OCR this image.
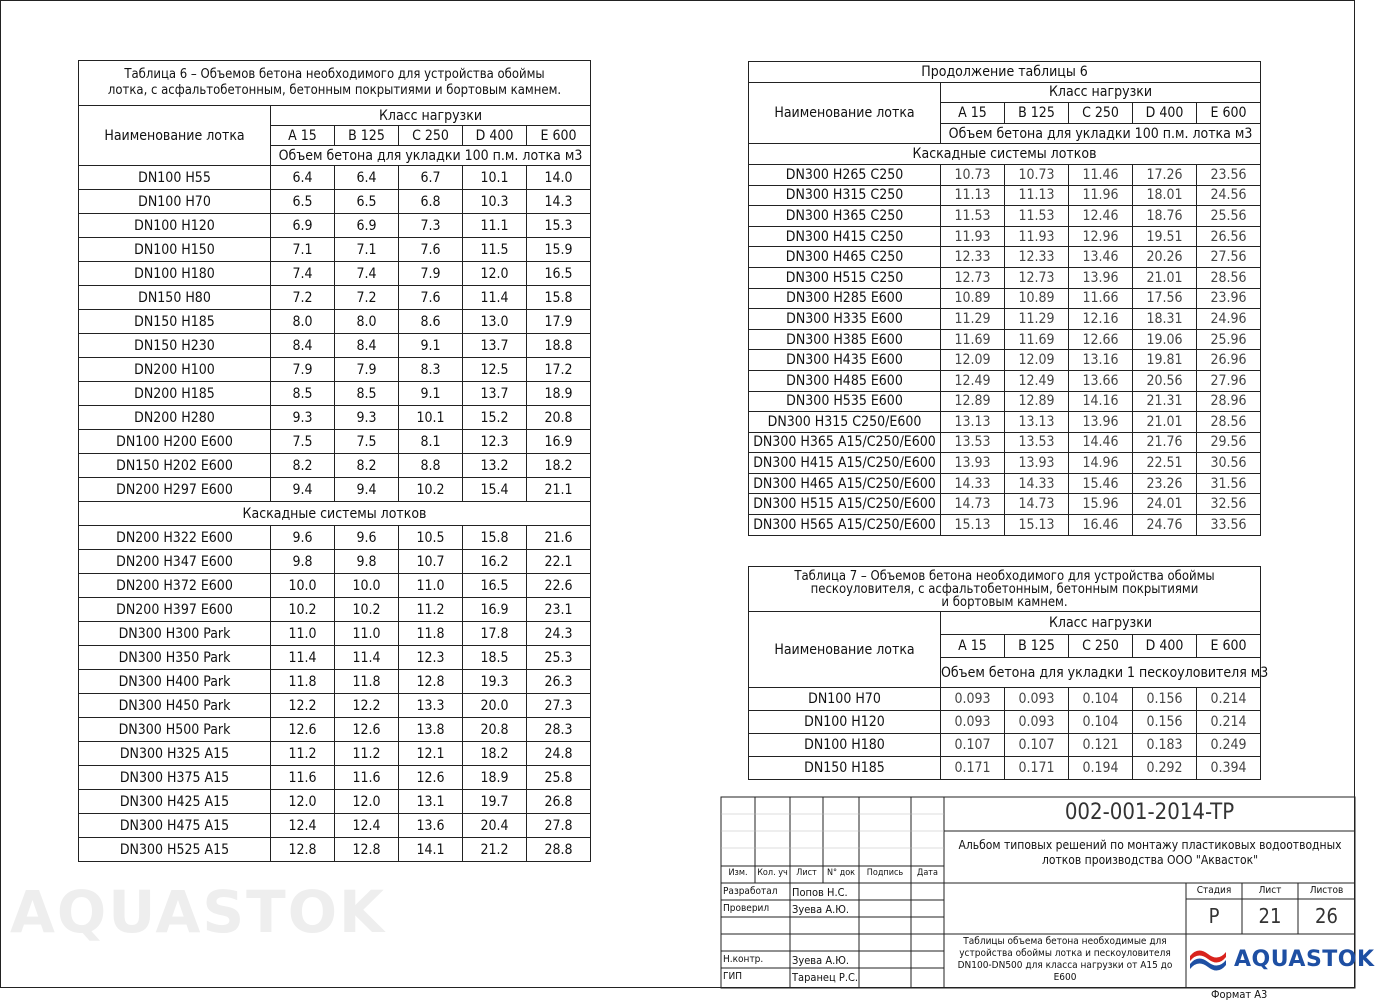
AQUASTOK
Таблица 6 – Объемов бетона необходимого для устройства обоймы
лотка, с асфальтобетонным, бетонным покрытиями и бортовым камнем.					

Наименование лотка	Класс нагрузки				
	A 15	B 125	C 250	D 400	E 600
	Объем бетона для укладки 100 п.м. лотка м3				
DN100 H55	6.4	6.4	6.7	10.1	14.0
DN100 H70	6.5	6.5	6.8	10.3	14.3
DN100 H120	6.9	6.9	7.3	11.1	15.3
DN100 H150	7.1	7.1	7.6	11.5	15.9
DN100 H180	7.4	7.4	7.9	12.0	16.5
DN150 H80	7.2	7.2	7.6	11.4	15.8
DN150 H185	8.0	8.0	8.6	13.0	17.9
DN150 H230	8.4	8.4	9.1	13.7	18.8
DN200 H100	7.9	7.9	8.3	12.5	17.2
DN200 H185	8.5	8.5	9.1	13.7	18.9
DN200 H280	9.3	9.3	10.1	15.2	20.8
DN100 H200 E600	7.5	7.5	8.1	12.3	16.9
DN150 H202 E600	8.2	8.2	8.8	13.2	18.2
DN200 H297 E600	9.4	9.4	10.2	15.4	21.1
Каскадные системы лотков					
DN200 H322 E600	9.6	9.6	10.5	15.8	21.6
DN200 H347 E600	9.8	9.8	10.7	16.2	22.1
DN200 H372 E600	10.0	10.0	11.0	16.5	22.6
DN200 H397 E600	10.2	10.2	11.2	16.9	23.1
DN300 H300 Park	11.0	11.0	11.8	17.8	24.3
DN300 H350 Park	11.4	11.4	12.3	18.5	25.3
DN300 H400 Park	11.8	11.8	12.8	19.3	26.3
DN300 H450 Park	12.2	12.2	13.3	20.0	27.3
DN300 H500 Park	12.6	12.6	13.8	20.8	28.3
DN300 H325 A15	11.2	11.2	12.1	18.2	24.8
DN300 H375 A15	11.6	11.6	12.6	18.9	25.8
DN300 H425 A15	12.0	12.0	13.1	19.7	26.8
DN300 H475 A15	12.4	12.4	13.6	20.4	27.8
DN300 H525 A15	12.8	12.8	14.1	21.2	28.8
Продолжение таблицы 6					
Наименование лотка	Класс нагрузки				
	A 15	B 125	C 250	D 400	E 600
	Объем бетона для укладки 100 п.м. лотка м3				
Каскадные системы лотков					
DN300 H265 C250	10.73	10.73	11.46	17.26	23.56
DN300 H315 C250	11.13	11.13	11.96	18.01	24.56
DN300 H365 C250	11.53	11.53	12.46	18.76	25.56
DN300 H415 C250	11.93	11.93	12.96	19.51	26.56
DN300 H465 C250	12.33	12.33	13.46	20.26	27.56
DN300 H515 C250	12.73	12.73	13.96	21.01	28.56
DN300 H285 E600	10.89	10.89	11.66	17.56	23.96
DN300 H335 E600	11.29	11.29	12.16	18.31	24.96
DN300 H385 E600	11.69	11.69	12.66	19.06	25.96
DN300 H435 E600	12.09	12.09	13.16	19.81	26.96
DN300 H485 E600	12.49	12.49	13.66	20.56	27.96
DN300 H535 E600	12.89	12.89	14.16	21.31	28.96
DN300 H315 C250/E600	13.13	13.13	13.96	21.01	28.56
DN300 H365 A15/C250/E600	13.53	13.53	14.46	21.76	29.56
DN300 H415 A15/C250/E600	13.93	13.93	14.96	22.51	30.56
DN300 H465 A15/C250/E600	14.33	14.33	15.46	23.26	31.56
DN300 H515 A15/C250/E600	14.73	14.73	15.96	24.01	32.56
DN300 H565 A15/C250/E600	15.13	15.13	16.46	24.76	33.56
Таблица 7 – Объемов бетона необходимого для устройства обоймы
пескоуловителя, с асфальтобетонным, бетонным покрытиями
и бортовым камнем.					

Наименование лотка	Класс нагрузки				
	A 15	B 125	C 250	D 400	E 600
	Объем бетона для укладки 1 пескоуловителя м3				
DN100 H70	0.093	0.093	0.104	0.156	0.214
DN100 H120	0.093	0.093	0.104	0.156	0.214
DN100 H180	0.107	0.107	0.121	0.183	0.249
DN150 H185	0.171	0.171	0.194	0.292	0.394
002-001-2014-TP
Альбом типовых решений по монтажу пластиковых водоотводных лотков производства ООО "Аквасток"
Изм.	Кол. уч Лист	N° док	Подпись	Дата
Разработал Попов Н.С.
Проверил Зуева А.Ю.
Н.контр.	Зуева А.Ю.
ГИП	Таранец Р.С.
Стадия	Лист	Листов
Р	21	26
Таблицы объема бетона необходимые для устройства обоймы лотка и пескоуловителя DN100-DN500 для класса нагрузки от A15 до E600
Формат А3
AQUASTOK
